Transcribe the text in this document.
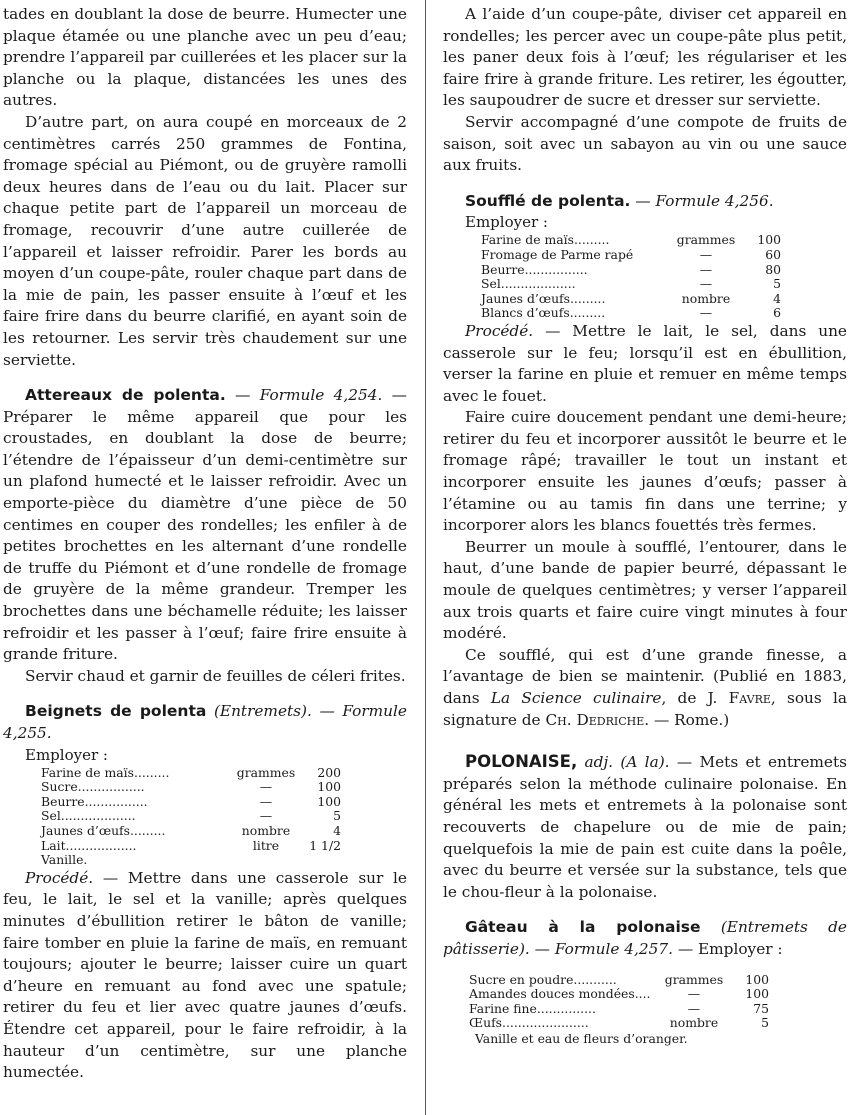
tades en doublant la dose de beurre. Humecter une plaque étamée ou une planche avec un peu d’eau; prendre l’appareil par cuillerées et les placer sur la planche ou la plaque, distancées les unes des autres.

D’autre part, on aura coupé en morceaux de 2 centimètres carrés 250 grammes de Fontina, fromage spécial au Piémont, ou de gruyère ramolli deux heures dans de l’eau ou du lait. Placer sur chaque petite part de l’appareil un morceau de fromage, recouvrir d’une autre cuillerée de l’appareil et laisser refroidir. Parer les bords au moyen d’un coupe-pâte, rouler chaque part dans de la mie de pain, les passer ensuite à l’œuf et les faire frire dans du beurre clarifié, en ayant soin de les retourner. Les servir très chaudement sur une serviette.

Attereaux de polenta. — Formule 4,254. — Préparer le même appareil que pour les croustades, en doublant la dose de beurre; l’étendre de l’épaisseur d’un demi-centimètre sur un plafond humecté et le laisser refroidir. Avec un emporte-pièce du diamètre d’une pièce de 50 centimes en couper des rondelles; les enfiler à de petites brochettes en les alternant d’une rondelle de truffe du Piémont et d’une rondelle de fromage de gruyère de la même grandeur. Tremper les brochettes dans une béchamelle réduite; les laisser refroidir et les passer à l’œuf; faire frire ensuite à grande friture.

Servir chaud et garnir de feuilles de céleri frites.

Beignets de polenta (Entremets). — Formule 4,255.

Employer :
Farine de maïs.........	grammes	200
Sucre.................	—	100
Beurre................	—	100
Sel...................	—	5
Jaunes d’œufs.........	nombre	4
Lait..................	litre	1 1/2
Vanille.

Procédé. — Mettre dans une casserole sur le feu, le lait, le sel et la vanille; après quelques minutes d’ébullition retirer le bâton de vanille; faire tomber en pluie la farine de maïs, en remuant toujours; ajouter le beurre; laisser cuire un quart d’heure en remuant au fond avec une spatule; retirer du feu et lier avec quatre jaunes d’œufs. Étendre cet appareil, pour le faire refroidir, à la hauteur d’un centimètre, sur une planche humectée.

A l’aide d’un coupe-pâte, diviser cet appareil en rondelles; les percer avec un coupe-pâte plus petit, les paner deux fois à l’œuf; les régulariser et les faire frire à grande friture. Les retirer, les égoutter, les saupoudrer de sucre et dresser sur serviette.

Servir accompagné d’une compote de fruits de saison, soit avec un sabayon au vin ou une sauce aux fruits.

Soufflé de polenta. — Formule 4,256.

Employer :
Farine de maïs.........	grammes	100
Fromage de Parme rapé	—	60
Beurre................	—	80
Sel...................	—	5
Jaunes d’œufs.........	nombre	4
Blancs d’œufs.........	—	6

Procédé. — Mettre le lait, le sel, dans une casserole sur le feu; lorsqu’il est en ébullition, verser la farine en pluie et remuer en même temps avec le fouet.

Faire cuire doucement pendant une demi-heure; retirer du feu et incorporer aussitôt le beurre et le fromage râpé; travailler le tout un instant et incorporer ensuite les jaunes d’œufs; passer à l’étamine ou au tamis fin dans une terrine; y incorporer alors les blancs fouettés très fermes.

Beurrer un moule à soufflé, l’entourer, dans le haut, d’une bande de papier beurré, dépassant le moule de quelques centimètres; y verser l’appareil aux trois quarts et faire cuire vingt minutes à four modéré.

Ce soufflé, qui est d’une grande finesse, a l’avantage de bien se maintenir. (Publié en 1883, dans La Science culinaire, de J. Favre, sous la signature de Ch. Dedriche. — Rome.)

POLONAISE, adj. (A la). — Mets et entremets préparés selon la méthode culinaire polonaise. En général les mets et entremets à la polonaise sont recouverts de chapelure ou de mie de pain; quelquefois la mie de pain est cuite dans la poêle, avec du beurre et versée sur la substance, tels que le chou-fleur à la polonaise.

Gâteau à la polonaise (Entremets de pâtisserie). — Formule 4,257. — Employer :

Sucre en poudre...........	grammes	100
Amandes douces mondées....	—	100
Farine fine...............	—	75
Œufs......................	nombre	5
Vanille et eau de fleurs d’oranger.
